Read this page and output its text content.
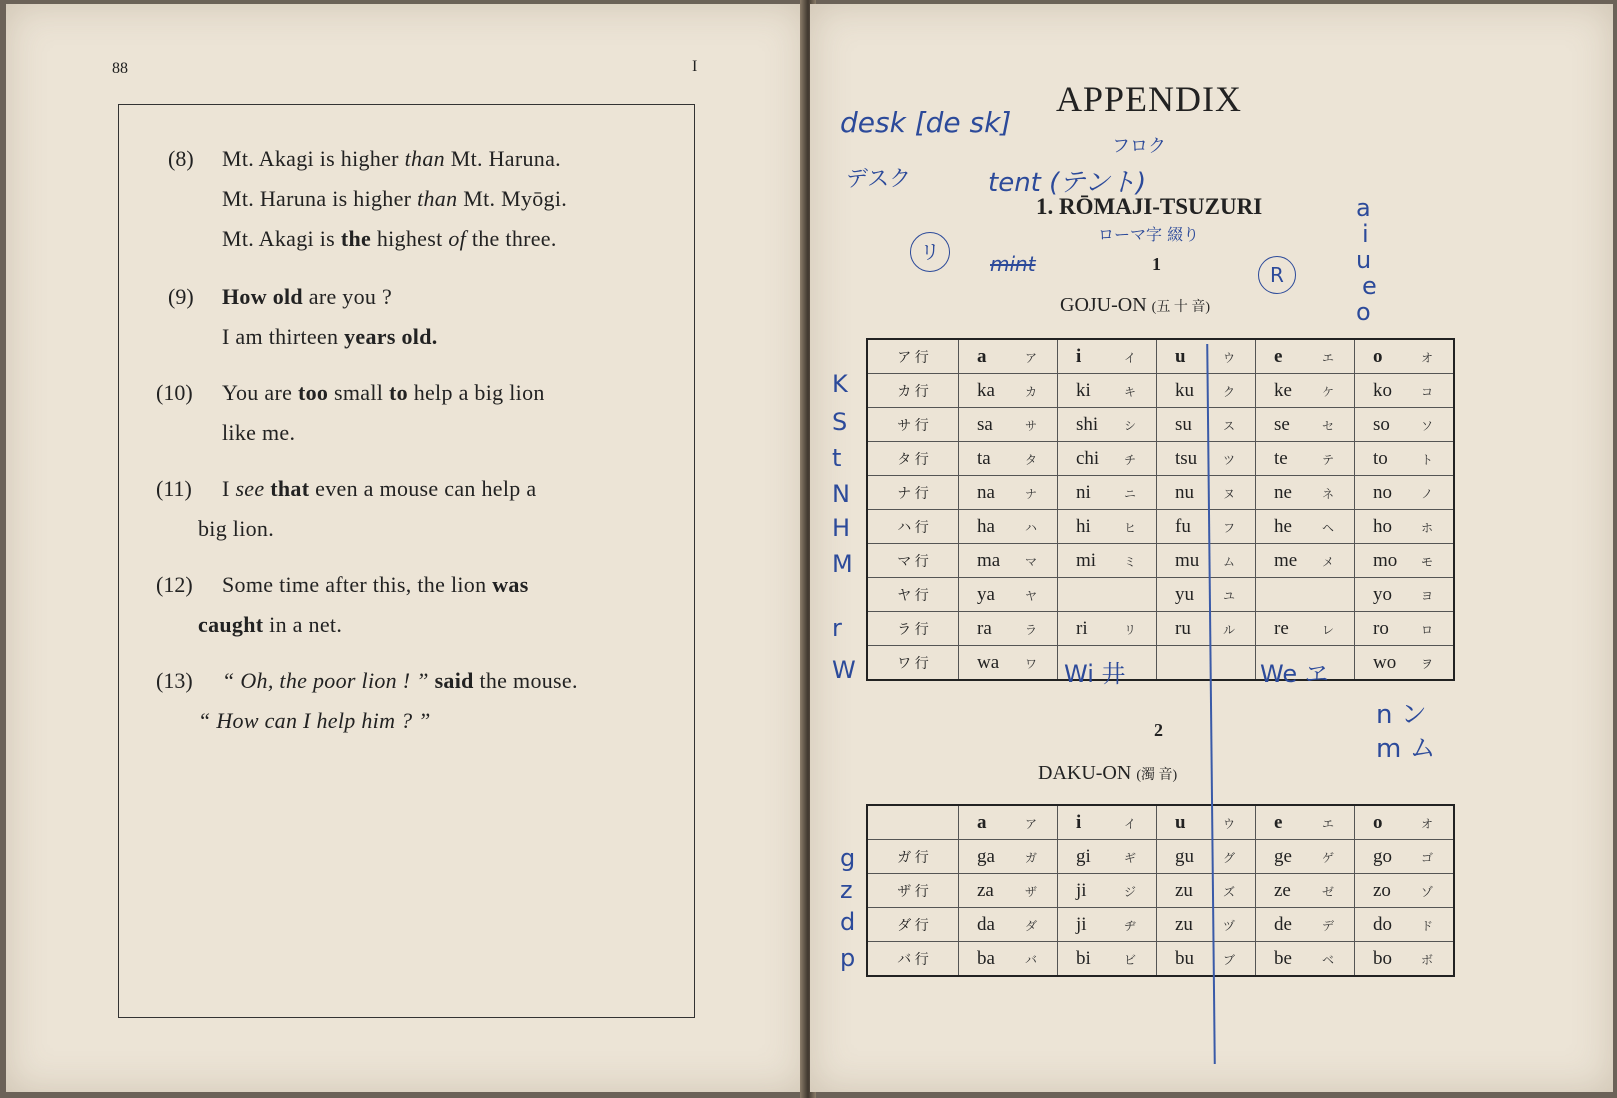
88	I
(8) Mt. Akagi is higher than Mt. Haruna.
Mt. Haruna is higher than Mt. Myōgi.
Mt. Akagi is the highest of the three.
(9) How old are you ?
I am thirteen years old.
(10) You are too small to help a big lion
like me.
(11) I see that even a mouse can help a
big lion.
(12) Some time after this, the lion was
caught in a net.
(13) “ Oh, the poor lion ! ” said the mouse.
“ How can I help him ? ”
APPENDIX
1. RŌMAJI-TSUZURI
1
GOJU-ON (五 十 音)
ア 行	a ア	i イ	u ウ	e エ	o オ
カ 行	ka カ	ki キ	ku ク	ke ケ	ko コ
サ 行	sa サ	shi シ	su ス	se セ	so ソ
タ 行	ta タ	chi チ	tsu ツ	te テ	to ト
ナ 行	na ナ	ni ニ	nu ヌ	ne ネ	no ノ
ハ 行	ha ハ	hi ヒ	fu フ	he ヘ	ho ホ
マ 行	ma マ	mi ミ	mu ム	me メ	mo モ
ヤ 行	ya ヤ		yu ユ		yo ヨ
ラ 行	ra ラ	ri リ	ru ル	re レ	ro ロ
ワ 行	wa ワ				wo ヲ
2
DAKU-ON (濁 音)
	a ア	i イ	u ウ	e エ	o オ
ガ 行	ga ガ	gi ギ	gu グ	ge ゲ	go ゴ
ザ 行	za ザ	ji ジ	zu ズ	ze ゼ	zo ゾ
ダ 行	da ダ	ji ヂ	zu ヅ	de デ	do ド
バ 行	ba バ	bi ビ	bu ブ	be ベ	bo ボ
desk [de sk]
デスク
フロク
tent (テント)
ローマ字 綴り
リ	mint	R
n ン
m ム
a
i
u
e
o
K
S
t
N
H
M
r
W	Wi 井	We ヱ
g
z
d
p
